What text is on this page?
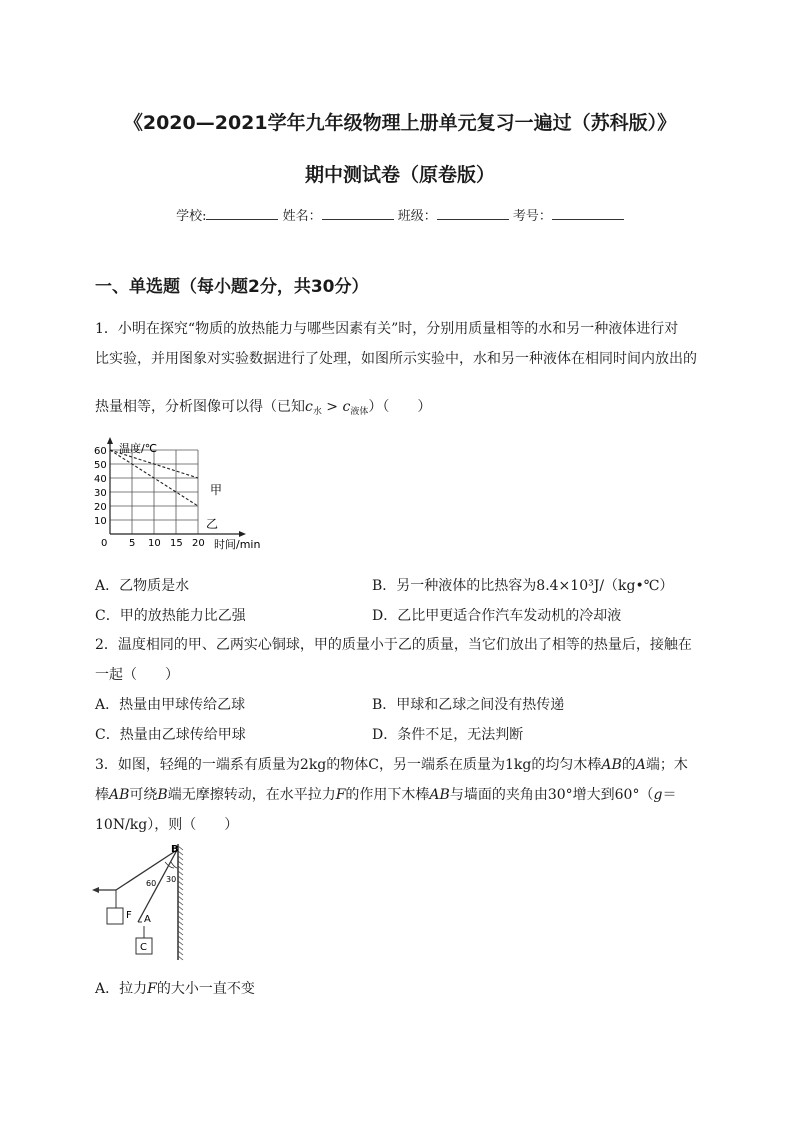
《2020—2021学年九年级物理上册单元复习一遍过（苏科版）》
期中测试卷（原卷版）
学校:	姓名：	班级：	考号：
一、单选题（每小题2分，共30分）
1．小明在探究“物质的放热能力与哪些因素有关”时，分别用质量相等的水和另一种液体进行对
比实验，并用图象对实验数据进行了处理，如图所示实验中，水和另一种液体在相同时间内放出的
热量相等，分析图像可以得（已知$c_水 > c_{液体}$）（　　）
温度/℃
时间/min
0
60
50
40
30
20
10
5 10 15 20
甲
乙
A．乙物质是水	B．另一种液体的比热容为8.4×10³J/（kg•℃）
C．甲的放热能力比乙强	D．乙比甲更适合作汽车发动机的冷却液
2．温度相同的甲、乙两实心铜球，甲的质量小于乙的质量，当它们放出了相等的热量后，接触在
一起（　　）
A．热量由甲球传给乙球	B．甲球和乙球之间没有热传递
C．热量由乙球传给甲球	D．条件不足，无法判断
3．如图，轻绳的一端系有质量为2kg的物体C，另一端系在质量为1kg的均匀木棒AB的A端；木
棒AB可绕B端无摩擦转动，在水平拉力F的作用下木棒AB与墙面的夹角由30°增大到60°（g＝
10N/kg），则（　　）
B
A
F
C
60 30
A．拉力F的大小一直不变
